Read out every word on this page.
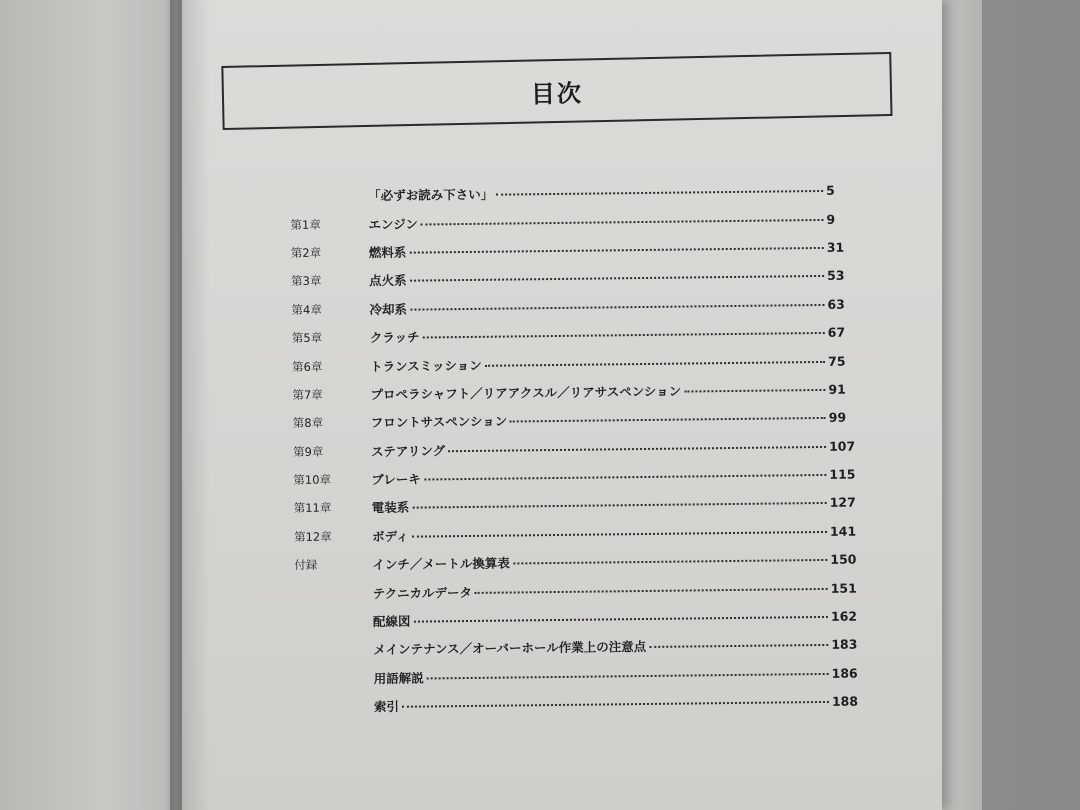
目次
「必ずお読み下さい」	5
第1章	エンジン	9
第2章	燃料系	31
第3章	点火系	53
第4章	冷却系	63
第5章	クラッチ	67
第6章	トランスミッション	75
第7章	プロペラシャフト／リアアクスル／リアサスペンション	91
第8章	フロントサスペンション	99
第9章	ステアリング	107
第10章	ブレーキ	115
第11章	電装系	127
第12章	ボディ	141
付録	インチ／メートル換算表	150
テクニカルデータ	151
配線図	162
メインテナンス／オーバーホール作業上の注意点	183
用語解説	186
索引	188
